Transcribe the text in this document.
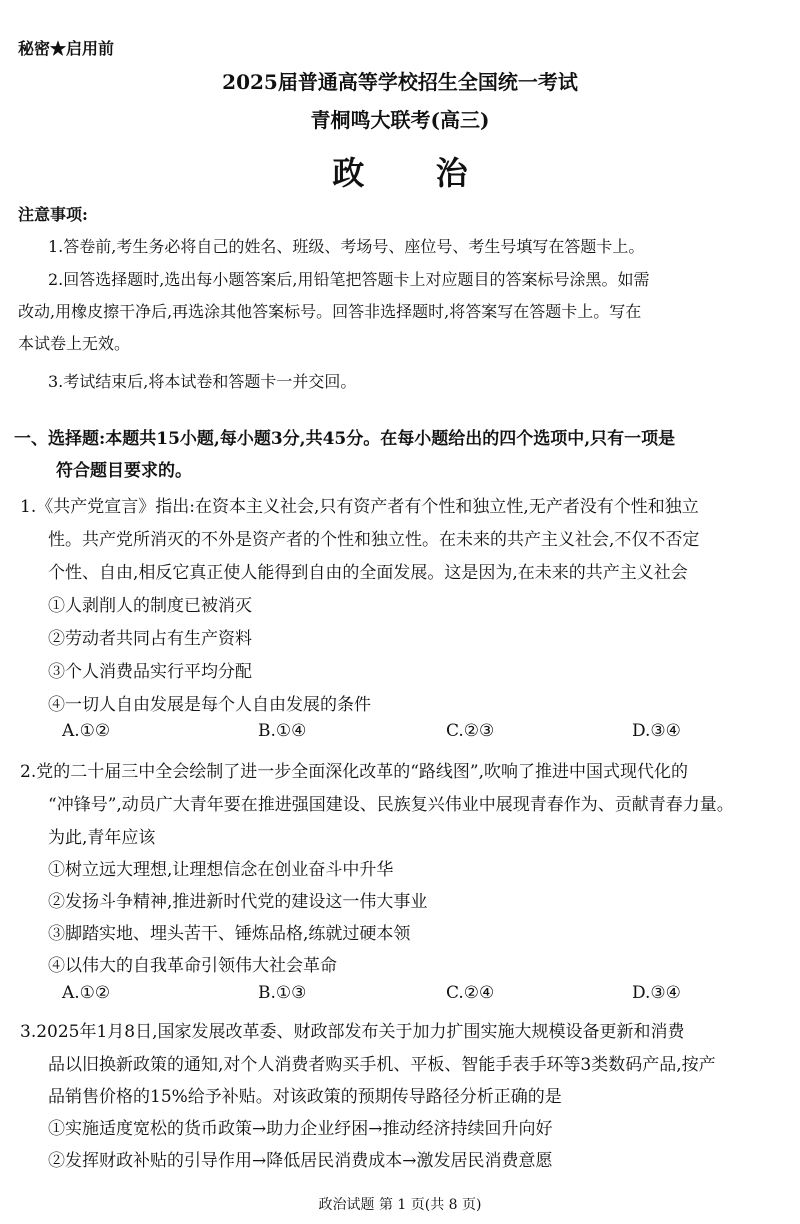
秘密★启用前
2025届普通高等学校招生全国统一考试
青桐鸣大联考(高三)
政 治
注意事项:
1.答卷前,考生务必将自己的姓名、班级、考场号、座位号、考生号填写在答题卡上。
2.回答选择题时,选出每小题答案后,用铅笔把答题卡上对应题目的答案标号涂黑。如需
改动,用橡皮擦干净后,再选涂其他答案标号。回答非选择题时,将答案写在答题卡上。写在
本试卷上无效。
3.考试结束后,将本试卷和答题卡一并交回。
一、选择题:本题共15小题,每小题3分,共45分。在每小题给出的四个选项中,只有一项是
符合题目要求的。
1.《共产党宣言》指出:在资本主义社会,只有资产者有个性和独立性,无产者没有个性和独立
性。共产党所消灭的不外是资产者的个性和独立性。在未来的共产主义社会,不仅不否定
个性、自由,相反它真正使人能得到自由的全面发展。这是因为,在未来的共产主义社会
①人剥削人的制度已被消灭
②劳动者共同占有生产资料
③个人消费品实行平均分配
④一切人自由发展是每个人自由发展的条件
A.①②	B.①④	C.②③	D.③④
2.党的二十届三中全会绘制了进一步全面深化改革的“路线图”,吹响了推进中国式现代化的
“冲锋号”,动员广大青年要在推进强国建设、民族复兴伟业中展现青春作为、贡献青春力量。
为此,青年应该
①树立远大理想,让理想信念在创业奋斗中升华
②发扬斗争精神,推进新时代党的建设这一伟大事业
③脚踏实地、埋头苦干、锤炼品格,练就过硬本领
④以伟大的自我革命引领伟大社会革命
A.①②	B.①③	C.②④	D.③④
3.2025年1月8日,国家发展改革委、财政部发布关于加力扩围实施大规模设备更新和消费
品以旧换新政策的通知,对个人消费者购买手机、平板、智能手表手环等3类数码产品,按产
品销售价格的15%给予补贴。对该政策的预期传导路径分析正确的是
①实施适度宽松的货币政策→助力企业纾困→推动经济持续回升向好
②发挥财政补贴的引导作用→降低居民消费成本→激发居民消费意愿
政治试题 第 1 页(共 8 页)
